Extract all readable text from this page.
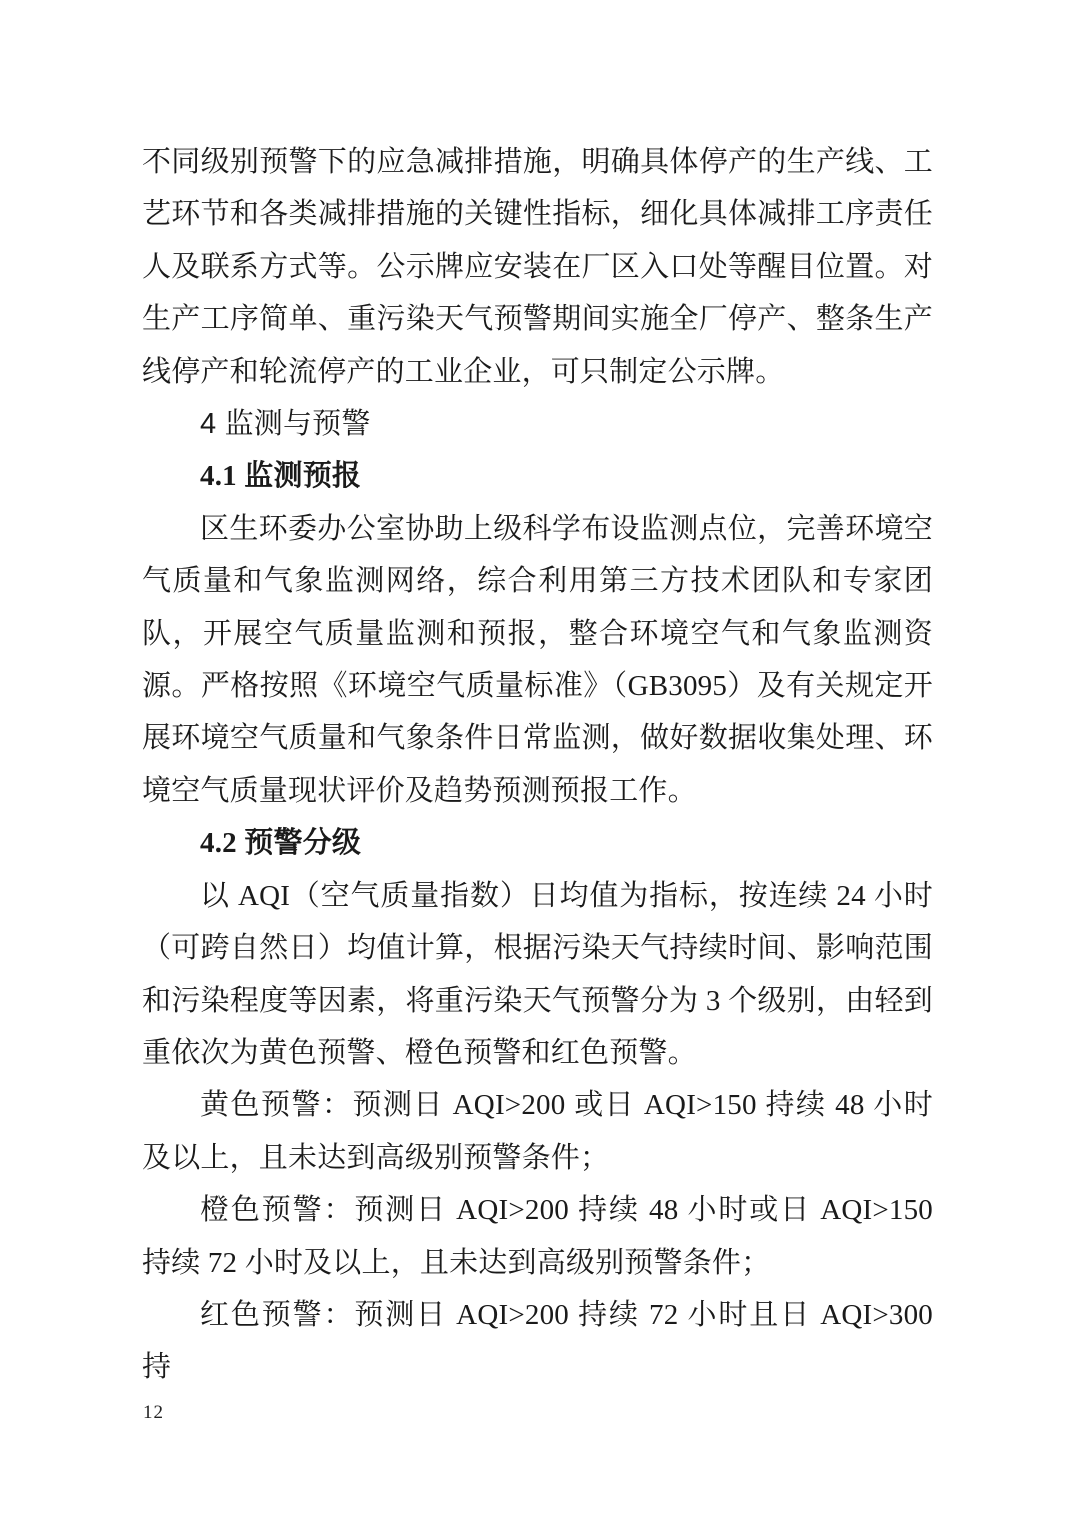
不同级别预警下的应急减排措施，明确具体停产的生产线、工艺环节和各类减排措施的关键性指标，细化具体减排工序责任人及联系方式等。公示牌应安装在厂区入口处等醒目位置。对生产工序简单、重污染天气预警期间实施全厂停产、整条生产线停产和轮流停产的工业企业，可只制定公示牌。
4 监测与预警
4.1 监测预报
区生环委办公室协助上级科学布设监测点位，完善环境空气质量和气象监测网络，综合利用第三方技术团队和专家团队，开展空气质量监测和预报，整合环境空气和气象监测资源。严格按照《环境空气质量标准》（GB3095）及有关规定开展环境空气质量和气象条件日常监测，做好数据收集处理、环境空气质量现状评价及趋势预测预报工作。
4.2 预警分级
以 AQI（空气质量指数）日均值为指标，按连续 24 小时（可跨自然日）均值计算，根据污染天气持续时间、影响范围和污染程度等因素，将重污染天气预警分为 3 个级别，由轻到重依次为黄色预警、橙色预警和红色预警。
黄色预警：预测日 AQI>200 或日 AQI>150 持续 48 小时及以上，且未达到高级别预警条件；
橙色预警：预测日 AQI>200 持续 48 小时或日 AQI>150 持续 72 小时及以上，且未达到高级别预警条件；
红色预警：预测日 AQI>200 持续 72 小时且日 AQI>300 持
12
